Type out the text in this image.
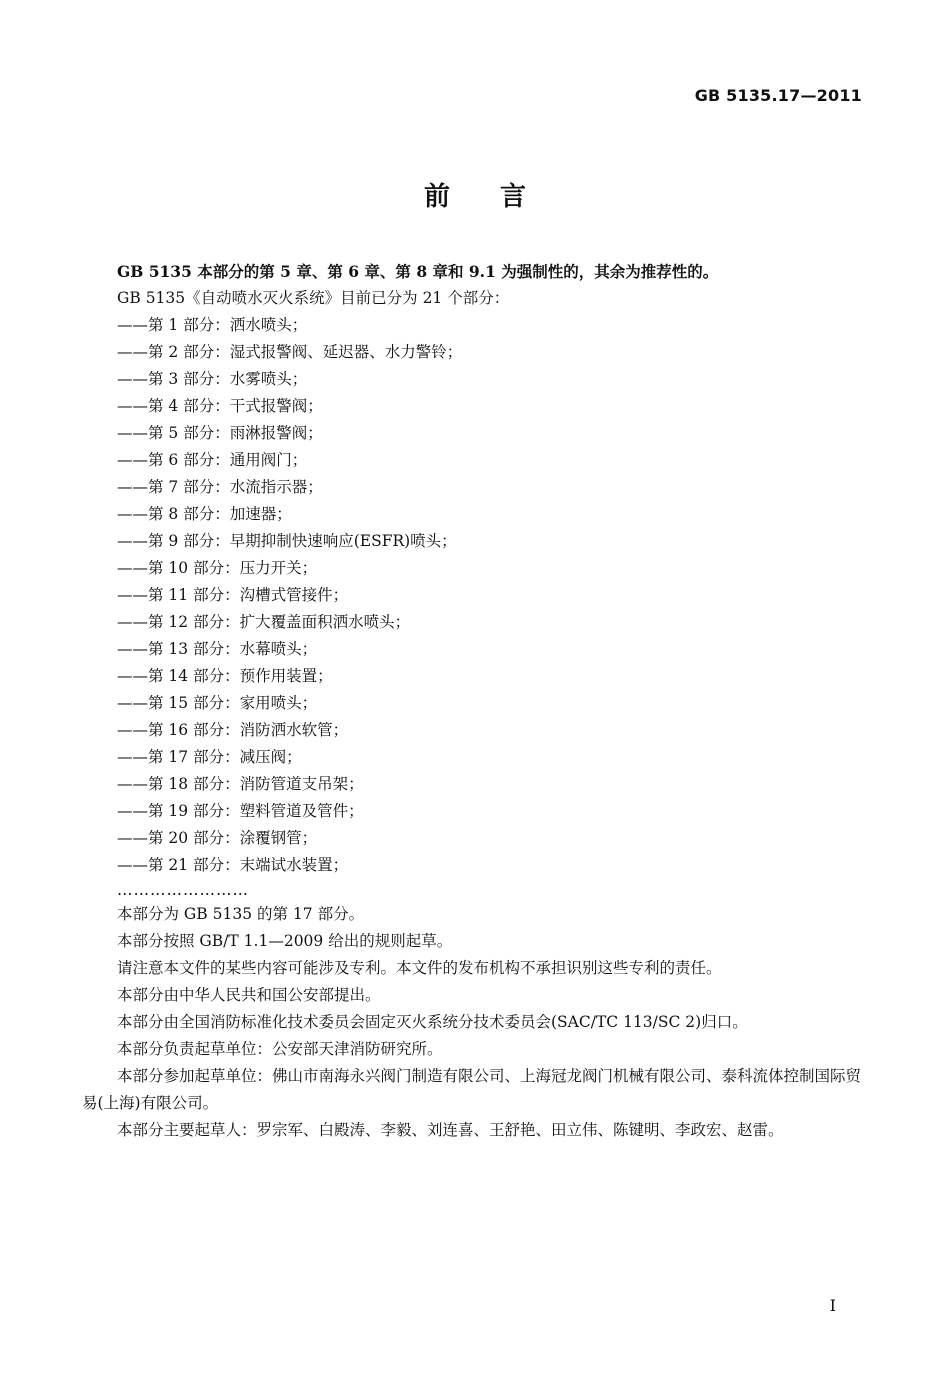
GB 5135.17—2011
前言

GB 5135 本部分的第 5 章、第 6 章、第 8 章和 9.1 为强制性的，其余为推荐性的。

GB 5135《自动喷水灭火系统》目前已分为 21 个部分：

——第 1 部分：洒水喷头；
——第 2 部分：湿式报警阀、延迟器、水力警铃；
——第 3 部分：水雾喷头；
——第 4 部分：干式报警阀；
——第 5 部分：雨淋报警阀；
——第 6 部分：通用阀门；
——第 7 部分：水流指示器；
——第 8 部分：加速器；
——第 9 部分：早期抑制快速响应(ESFR)喷头；
——第 10 部分：压力开关；
——第 11 部分：沟槽式管接件；
——第 12 部分：扩大覆盖面积洒水喷头；
——第 13 部分：水幕喷头；
——第 14 部分：预作用装置；
——第 15 部分：家用喷头；
——第 16 部分：消防洒水软管；
——第 17 部分：减压阀；
——第 18 部分：消防管道支吊架；
——第 19 部分：塑料管道及管件；
——第 20 部分：涂覆钢管；
——第 21 部分：末端试水装置；

……………………

本部分为 GB 5135 的第 17 部分。

本部分按照 GB/T 1.1—2009 给出的规则起草。

请注意本文件的某些内容可能涉及专利。本文件的发布机构不承担识别这些专利的责任。

本部分由中华人民共和国公安部提出。

本部分由全国消防标准化技术委员会固定灭火系统分技术委员会(SAC/TC 113/SC 2)归口。

本部分负责起草单位：公安部天津消防研究所。

本部分参加起草单位：佛山市南海永兴阀门制造有限公司、上海冠龙阀门机械有限公司、泰科流体控制国际贸易(上海)有限公司。

本部分主要起草人：罗宗军、白殿涛、李毅、刘连喜、王舒艳、田立伟、陈键明、李政宏、赵雷。

I
